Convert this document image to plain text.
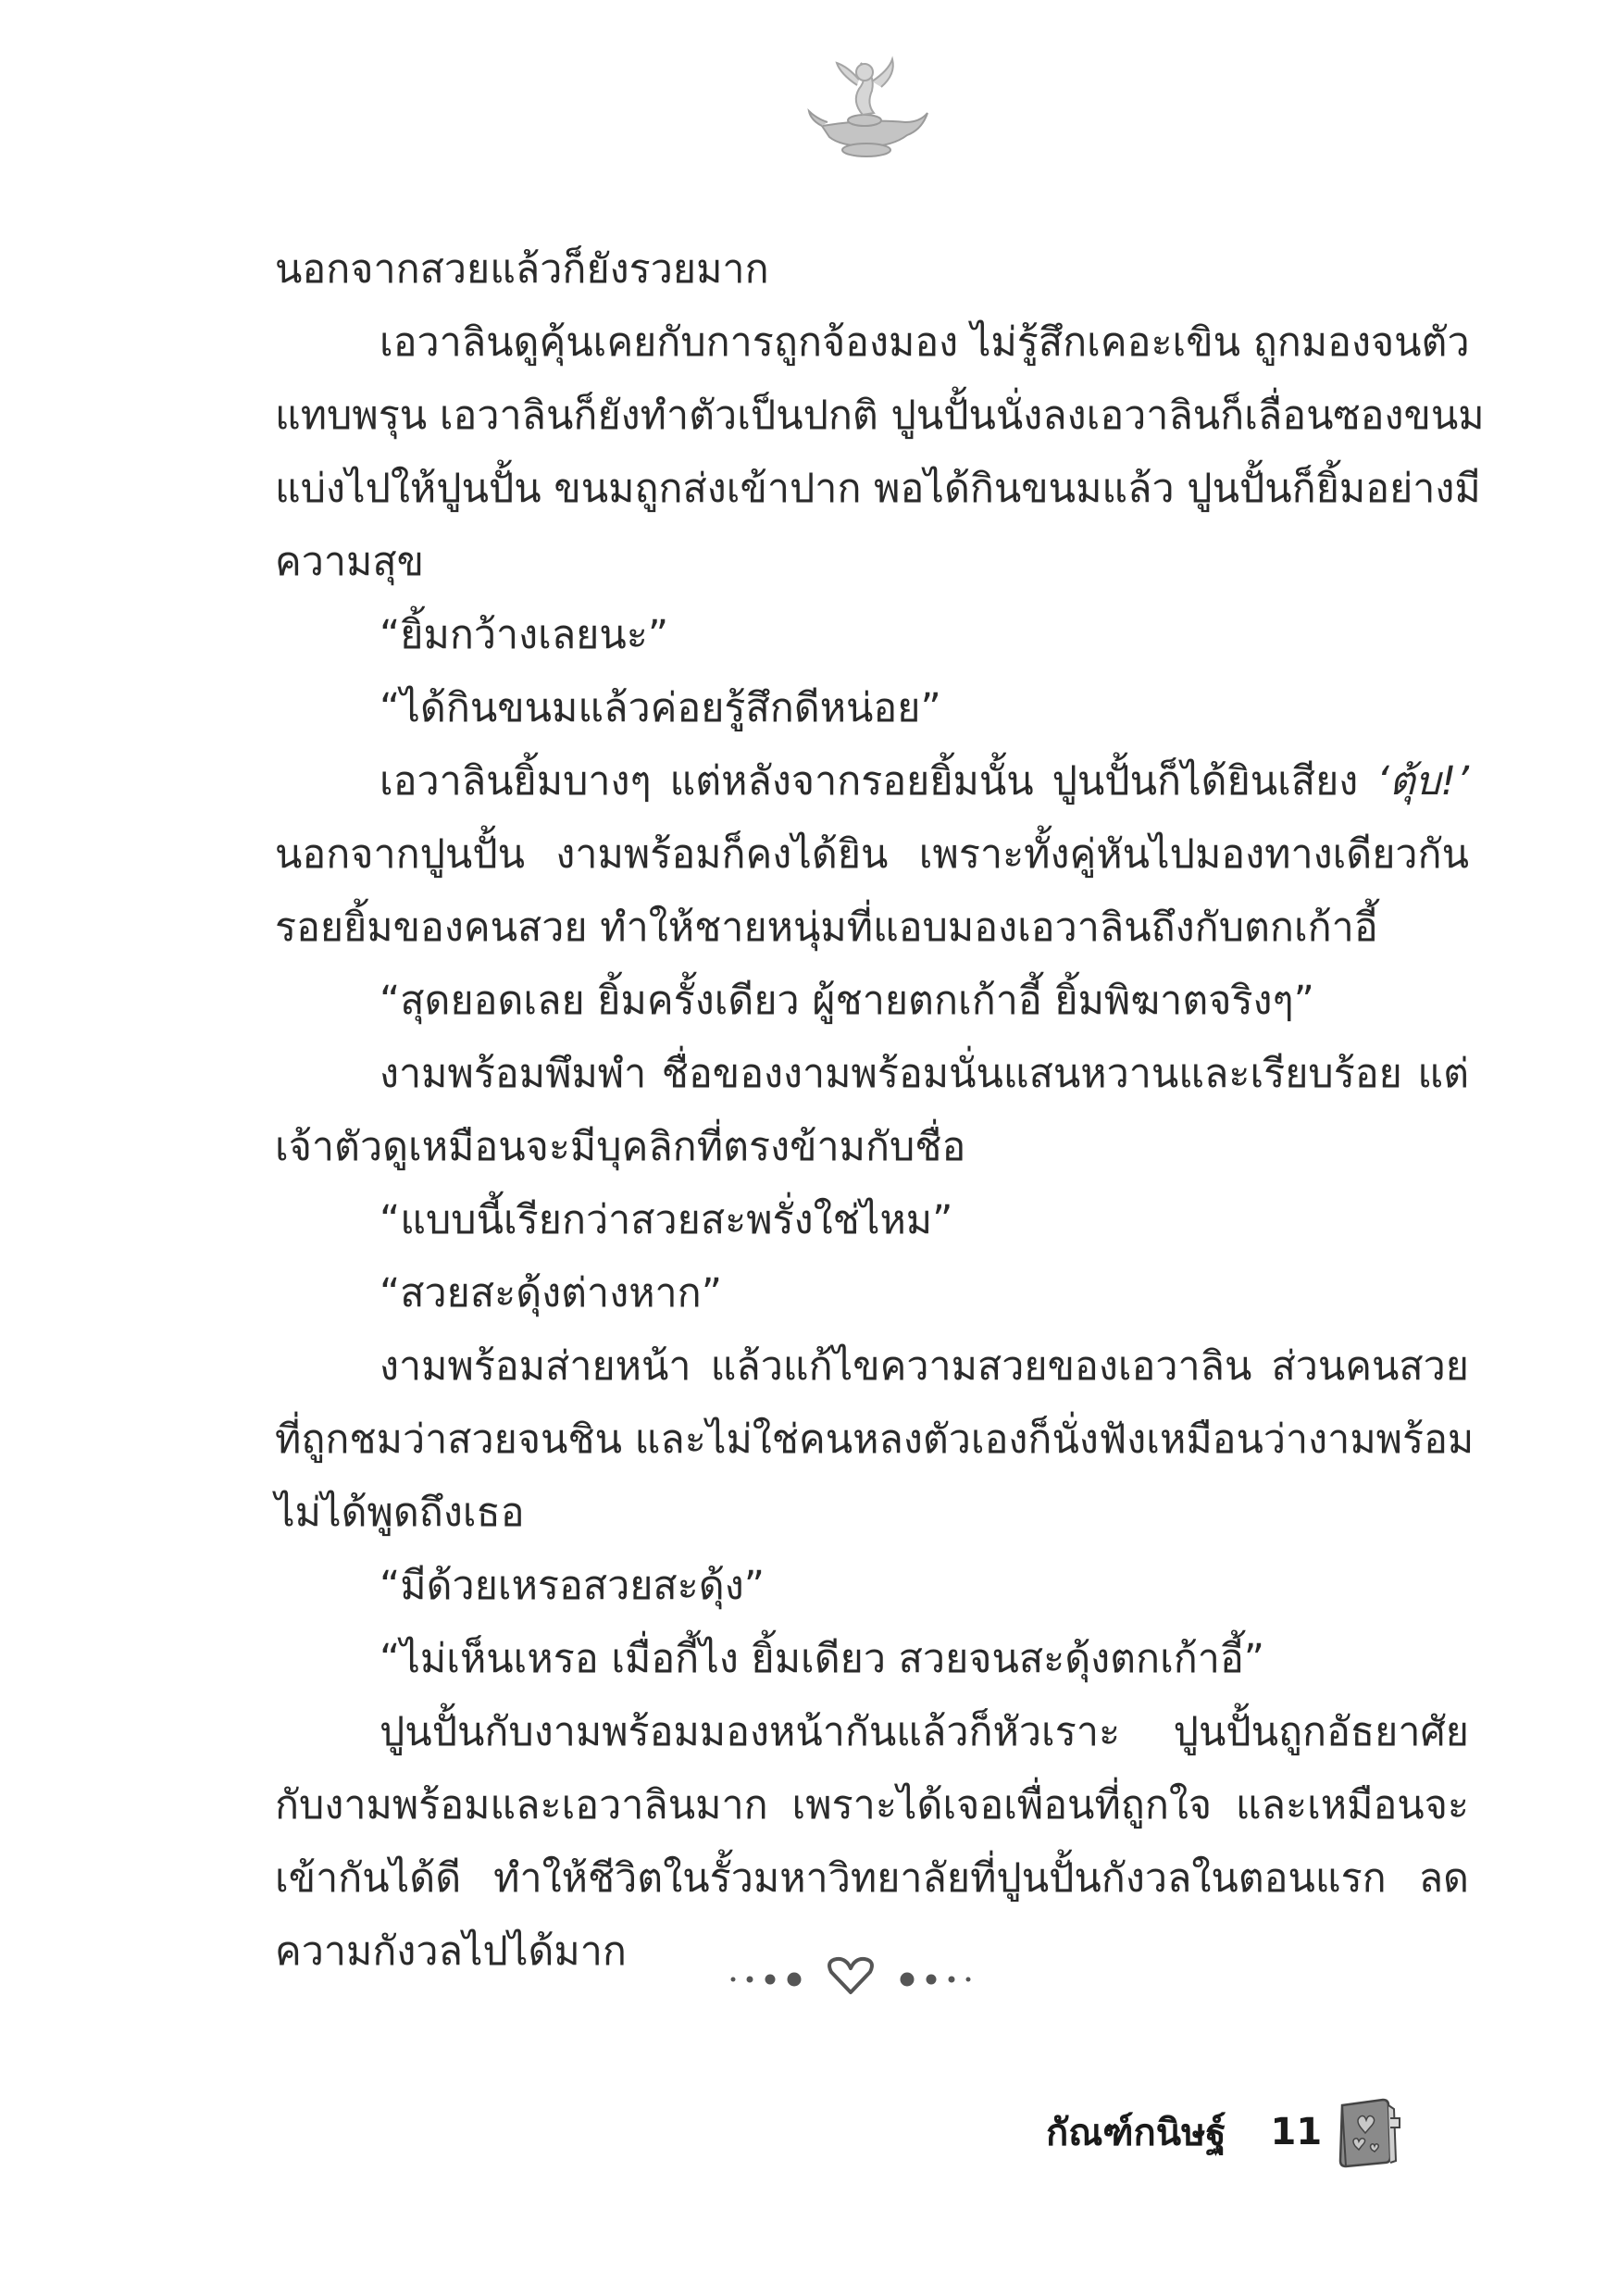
นอกจากสวยแล้วก็ยังรวยมาก
เอวาลินดูคุ้นเคยกับการถูกจ้องมอง ไม่รู้สึกเคอะเขิน ถูกมองจนตัว
แทบพรุน เอวาลินก็ยังทำตัวเป็นปกติ ปูนปั้นนั่งลงเอวาลินก็เลื่อนซองขนม
แบ่งไปให้ปูนปั้น ขนมถูกส่งเข้าปาก พอได้กินขนมแล้ว ปูนปั้นก็ยิ้มอย่างมี
ความสุข
“ยิ้มกว้างเลยนะ”
“ได้กินขนมแล้วค่อยรู้สึกดีหน่อย”
เอวาลินยิ้มบางๆ แต่หลังจากรอยยิ้มนั้น ปูนปั้นก็ได้ยินเสียง ‘ตุ้บ!’
นอกจากปูนปั้น งามพร้อมก็คงได้ยิน เพราะทั้งคู่หันไปมองทางเดียวกัน
รอยยิ้มของคนสวย ทำให้ชายหนุ่มที่แอบมองเอวาลินถึงกับตกเก้าอี้
“สุดยอดเลย ยิ้มครั้งเดียว ผู้ชายตกเก้าอี้ ยิ้มพิฆาตจริงๆ”
งามพร้อมพึมพำ ชื่อของงามพร้อมนั่นแสนหวานและเรียบร้อย แต่
เจ้าตัวดูเหมือนจะมีบุคลิกที่ตรงข้ามกับชื่อ
“แบบนี้เรียกว่าสวยสะพรั่งใช่ไหม”
“สวยสะดุ้งต่างหาก”
งามพร้อมส่ายหน้า แล้วแก้ไขความสวยของเอวาลิน ส่วนคนสวย
ที่ถูกชมว่าสวยจนชิน และไม่ใช่คนหลงตัวเองก็นั่งฟังเหมือนว่างามพร้อม
ไม่ได้พูดถึงเธอ
“มีด้วยเหรอสวยสะดุ้ง”
“ไม่เห็นเหรอ เมื่อกี้ไง ยิ้มเดียว สวยจนสะดุ้งตกเก้าอี้”
ปูนปั้นกับงามพร้อมมองหน้ากันแล้วก็หัวเราะ ปูนปั้นถูกอัธยาศัย
กับงามพร้อมและเอวาลินมาก เพราะได้เจอเพื่อนที่ถูกใจ และเหมือนจะ
เข้ากันได้ดี ทำให้ชีวิตในรั้วมหาวิทยาลัยที่ปูนปั้นกังวลในตอนแรก ลด
ความกังวลไปได้มาก
กัณฑ์กนิษฐ์ 11
